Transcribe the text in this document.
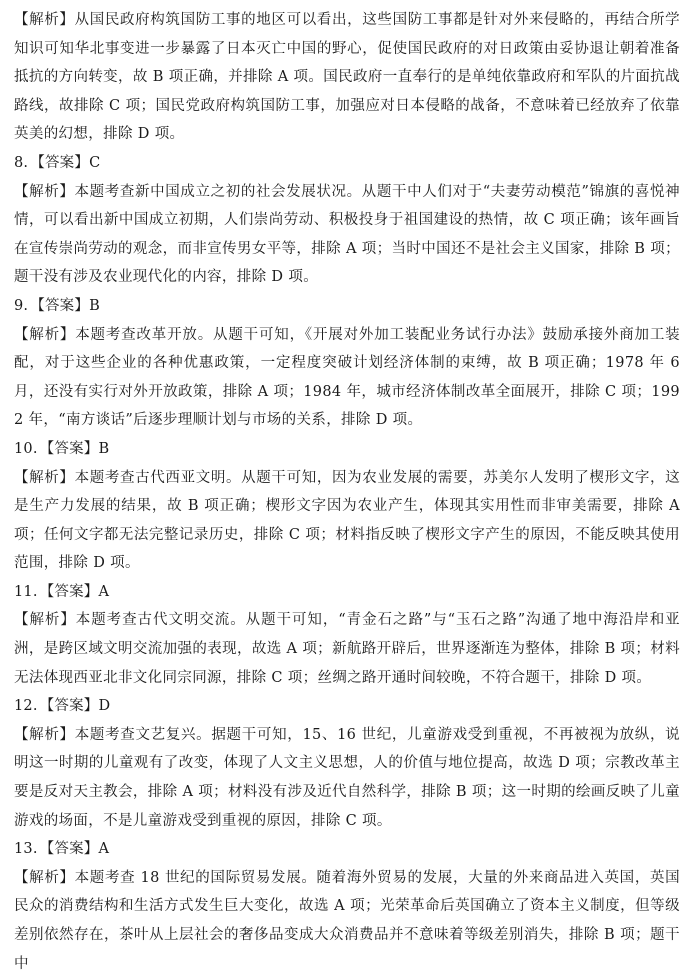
【解析】从国民政府构筑国防工事的地区可以看出，这些国防工事都是针对外来侵略的，再结合所学知识可知华北事变进一步暴露了日本灭亡中国的野心，促使国民政府的对日政策由妥协退让朝着准备抵抗的方向转变，故 B 项正确，并排除 A 项。国民政府一直奉行的是单纯依靠政府和军队的片面抗战路线，故排除 C 项；国民党政府构筑国防工事，加强应对日本侵略的战备，不意味着已经放弃了依靠英美的幻想，排除 D 项。

8. 【答案】C

【解析】本题考查新中国成立之初的社会发展状况。从题干中人们对于“夫妻劳动模范”锦旗的喜悦神情，可以看出新中国成立初期，人们崇尚劳动、积极投身于祖国建设的热情，故 C 项正确；该年画旨在宣传崇尚劳动的观念，而非宣传男女平等，排除 A 项；当时中国还不是社会主义国家，排除 B 项；题干没有涉及农业现代化的内容，排除 D 项。

9. 【答案】B

【解析】本题考查改革开放。从题干可知，《开展对外加工装配业务试行办法》鼓励承接外商加工装配，对于这些企业的各种优惠政策，一定程度突破计划经济体制的束缚，故 B 项正确；1978 年 6 月，还没有实行对外开放政策，排除 A 项；1984 年，城市经济体制改革全面展开，排除 C 项；1992 年，“南方谈话”后逐步理顺计划与市场的关系，排除 D 项。

10. 【答案】B

【解析】本题考查古代西亚文明。从题干可知，因为农业发展的需要，苏美尔人发明了楔形文字，这是生产力发展的结果，故 B 项正确；楔形文字因为农业产生，体现其实用性而非审美需要，排除 A 项；任何文字都无法完整记录历史，排除 C 项；材料指反映了楔形文字产生的原因，不能反映其使用范围，排除 D 项。

11. 【答案】A

【解析】本题考查古代文明交流。从题干可知，“青金石之路”与“玉石之路”沟通了地中海沿岸和亚洲，是跨区域文明交流加强的表现，故选 A 项；新航路开辟后，世界逐渐连为整体，排除 B 项；材料无法体现西亚北非文化同宗同源，排除 C 项；丝绸之路开通时间较晚，不符合题干，排除 D 项。

12. 【答案】D

【解析】本题考查文艺复兴。据题干可知，15、16 世纪，儿童游戏受到重视，不再被视为放纵，说明这一时期的儿童观有了改变，体现了人文主义思想，人的价值与地位提高，故选 D 项；宗教改革主要是反对天主教会，排除 A 项；材料没有涉及近代自然科学，排除 B 项；这一时期的绘画反映了儿童游戏的场面，不是儿童游戏受到重视的原因，排除 C 项。

13. 【答案】A

【解析】本题考查 18 世纪的国际贸易发展。随着海外贸易的发展，大量的外来商品进入英国，英国民众的消费结构和生活方式发生巨大变化，故选 A 项；光荣革命后英国确立了资本主义制度，但等级差别依然存在，茶叶从上层社会的奢侈品变成大众消费品并不意味着等级差别消失，排除 B 项；题干中
